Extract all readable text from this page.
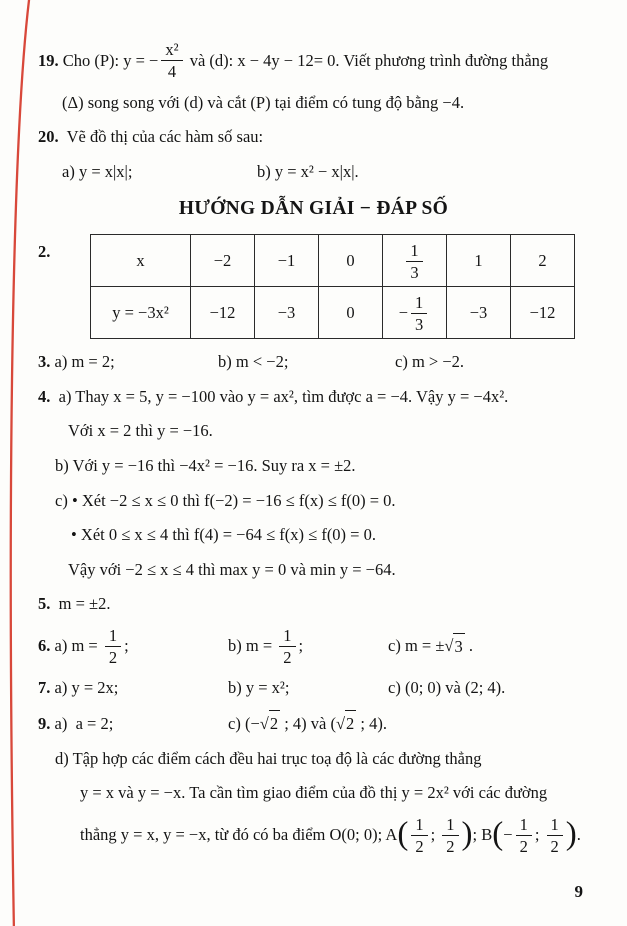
19. Cho (P): y = − $\frac{\text{x²}}{4}$ và (d): x − 4y − 12= 0. Viết phương trình đường thẳng
(Δ) song song với (d) và cắt (P) tại điểm có tung độ bằng −4.
20.  Vẽ đồ thị của các hàm số sau:
a) y = x|x|;	b) y = x² − x|x|.
HƯỚNG DẪN GIẢI − ĐÁP SỐ
2.	x	−2	−1	0	$\frac{1}{3}$	1	2
y = −3x²	−12	−3	0	− $\frac{1}{3}$	−3	−12
3. a) m = 2;	b) m < −2;	c) m > −2.
4.  a) Thay x = 5, y = −100 vào y = ax², tìm được a = −4. Vậy y = −4x².
Với x = 2 thì y = −16.
b) Với y = −16 thì −4x² = −16. Suy ra x = ±2.
c) • Xét −2 ≤ x ≤ 0 thì f(−2) = −16 ≤ f(x) ≤ f(0) = 0.
• Xét 0 ≤ x ≤ 4 thì f(4) = −64 ≤ f(x) ≤ f(0) = 0.
Vậy với −2 ≤ x ≤ 4 thì max y = 0 và min y = −64.
5.  m = ±2.
6. a) $m = \frac{1}{2}$ ;	b) $m = \frac{1}{2}$ ;	c) m = ±√ 3 .
7. a) y = 2x;	b) y = x²;	c) (0; 0) và (2; 4).
9. a)  a = 2;	c) (−√ 2 ; 4) và (√ 2 ; 4).
d) Tập hợp các điểm cách đều hai trục toạ độ là các đường thẳng
y = x và y = −x. Ta cần tìm giao điểm của đồ thị y = 2x² với các đường
thẳng y = x, y = −x, từ đó có ba điểm O(0; 0); A ( $\frac{1}{2}$ ; $\frac{1}{2}$ ) ; B ( − $\frac{1}{2}$ ; $\frac{1}{2}$ ) .
9
